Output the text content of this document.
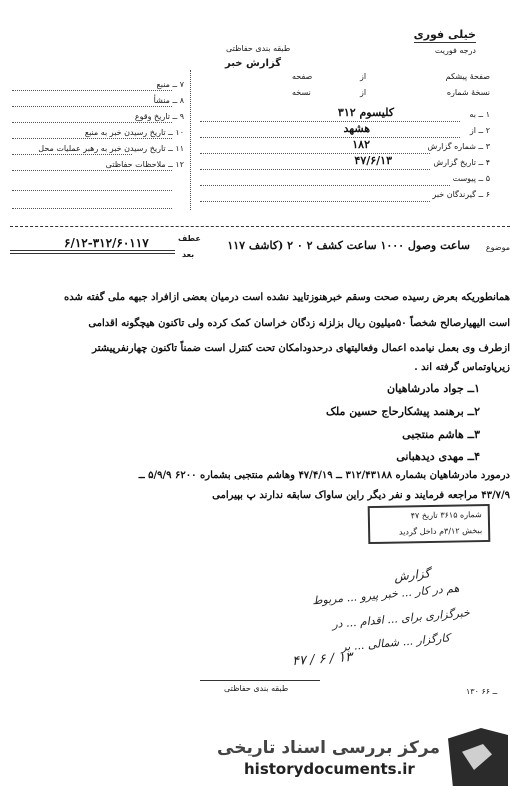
خیلی فوری
درجه فوریت
طبقه بندی حفاظتی
گزارش خبر
صفحهٔ پیشکم
از
صفحه
نسخهٔ شماره
از
نسخه
۷ ــ منبع
۸ ــ منشأ
۹ ــ تاریخ وقوع
۱۰ ــ تاریخ رسیدن خبر به منبع
۱۱ ــ تاریخ رسیدن خبر به رهبر عملیات محل
۱۲ ــ ملاحظات حفاظتی
۱ ــ به
کلیسوم ۳۱۲
۲ ــ از
هشهد
۳ ــ شماره گزارش
۱۸۲
۴ ــ تاریخ گزارش
۴۷/۶/۱۳
۵ ــ پیوست
۶ ــ گیرندگان خبر
موضوع
ساعت وصول ۱۰۰۰ ساعت کشف ۲ ۰ ۲ (کاشف ۱۱۷
عطف
بعد
۶/۱۲-۳۱۲/۶۰۱۱۷
همانطوریکه بعرض رسیده صحت وسقم خبرهنوزتایید نشده است درمیان بعضی ازافراد جبهه ملی گفته شده
است الیهیارصالح شخصاً ۵۰میلیون ریال بزلزله زدگان خراسان کمک کرده ولی تاکنون هیچگونه اقدامی
ازطرف وی بعمل نیامده اعمال وفعالیتهای درحدودامکان تحت کنترل است ضمناً تاکنون چهارنفرپیشتر
زیرپاوتماس گرفته اند .
۱ــ جواد مادرشاهیان
۲ــ برهنمد پیشکارحاج حسین ملک
۳ــ هاشم منتجبی
۴ــ مهدی دیدهبانی
درمورد مادرشاهیان بشماره ۳۱۲/۴۳۱۸۸ ــ ۴۷/۴/۱۹ وهاشم منتجبی بشماره ۶۲۰۰ ۵/۹/۹ ــ
۴۳/۷/۹ مراجعه فرمایند و نفر دیگر راین ساواک سابقه ندارند پ بپیرامی
شماره ۳۶۱۵ تاریخ ۴۷
ببخش ۳/۱۲م داخل گردید
گزارش
هم در کار ... خبر پیرو ... مربوط
خبرگزاری برای ... اقدام ... در
کارگزار ... شمالی ... بر
۱۳ / ۶ / ۴۷
طبقه بندی حفاظتی	۱۳۰ ــ ۶۶
مرکز بررسی اسناد تاریخی
historydocuments.ir
